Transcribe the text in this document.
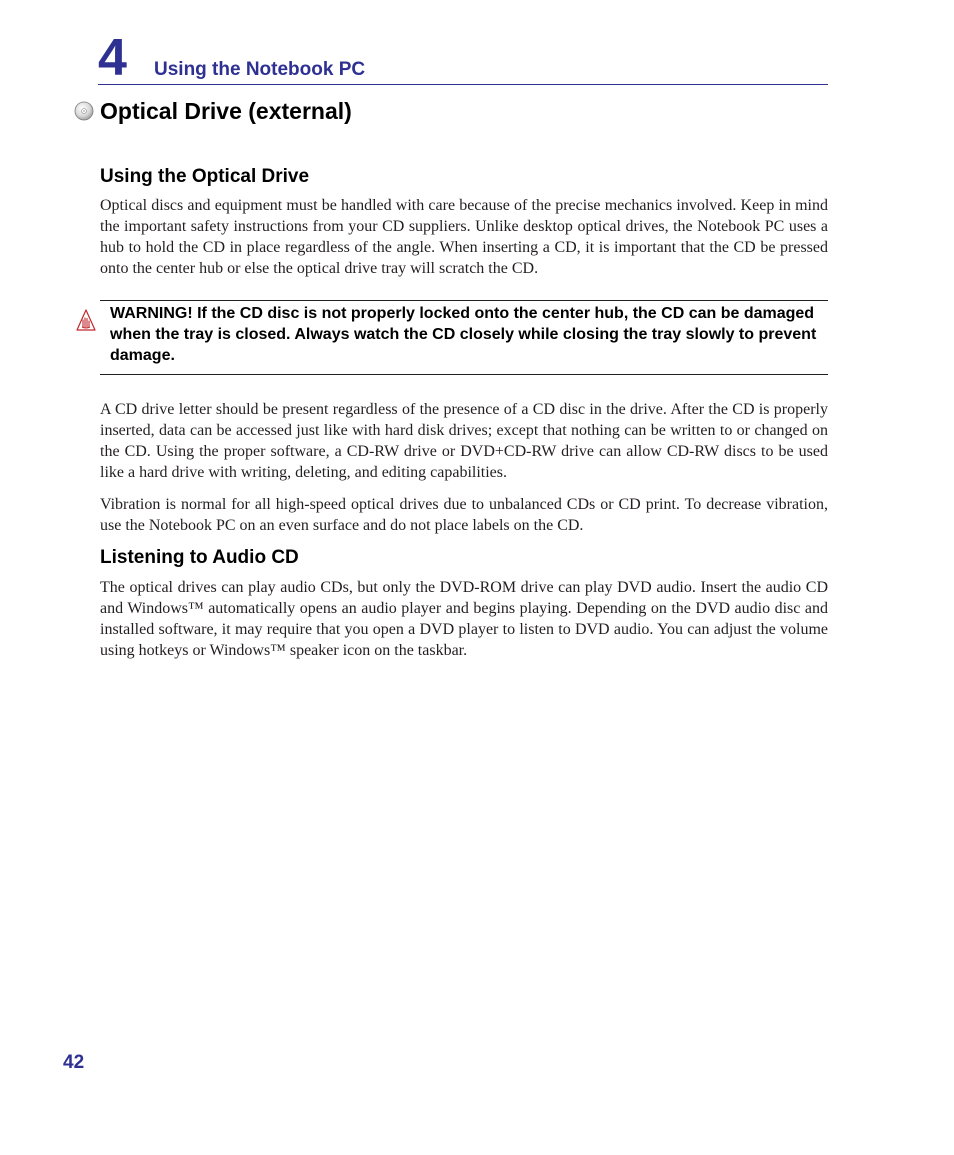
4 Using the Notebook PC
Optical Drive (external)
Using the Optical Drive

Optical discs and equipment must be handled with care because of the precise mechanics involved. Keep in mind the important safety instructions from your CD suppliers. Unlike desktop optical drives, the Notebook PC uses a hub to hold the CD in place regardless of the angle. When inserting a CD, it is important that the CD be pressed onto the center hub or else the optical drive tray will scratch the CD.

WARNING! If the CD disc is not properly locked onto the center hub, the CD can be damaged when the tray is closed. Always watch the CD closely while closing the tray slowly to prevent damage.

A CD drive letter should be present regardless of the presence of a CD disc in the drive. After the CD is properly inserted, data can be accessed just like with hard disk drives; except that nothing can be written to or changed on the CD. Using the proper software, a CD-RW drive or DVD+CD-RW drive can allow CD-RW discs to be used like a hard drive with writing, deleting, and editing capabilities.

Vibration is normal for all high-speed optical drives due to unbalanced CDs or CD print. To decrease vibration, use the Notebook PC on an even surface and do not place labels on the CD.

Listening to Audio CD

The optical drives can play audio CDs, but only the DVD-ROM drive can play DVD audio. Insert the audio CD and Windows™ automatically opens an audio player and begins playing. Depending on the DVD audio disc and installed software, it may require that you open a DVD player to listen to DVD audio. You can adjust the volume using hotkeys or Windows™ speaker icon on the taskbar.

42
